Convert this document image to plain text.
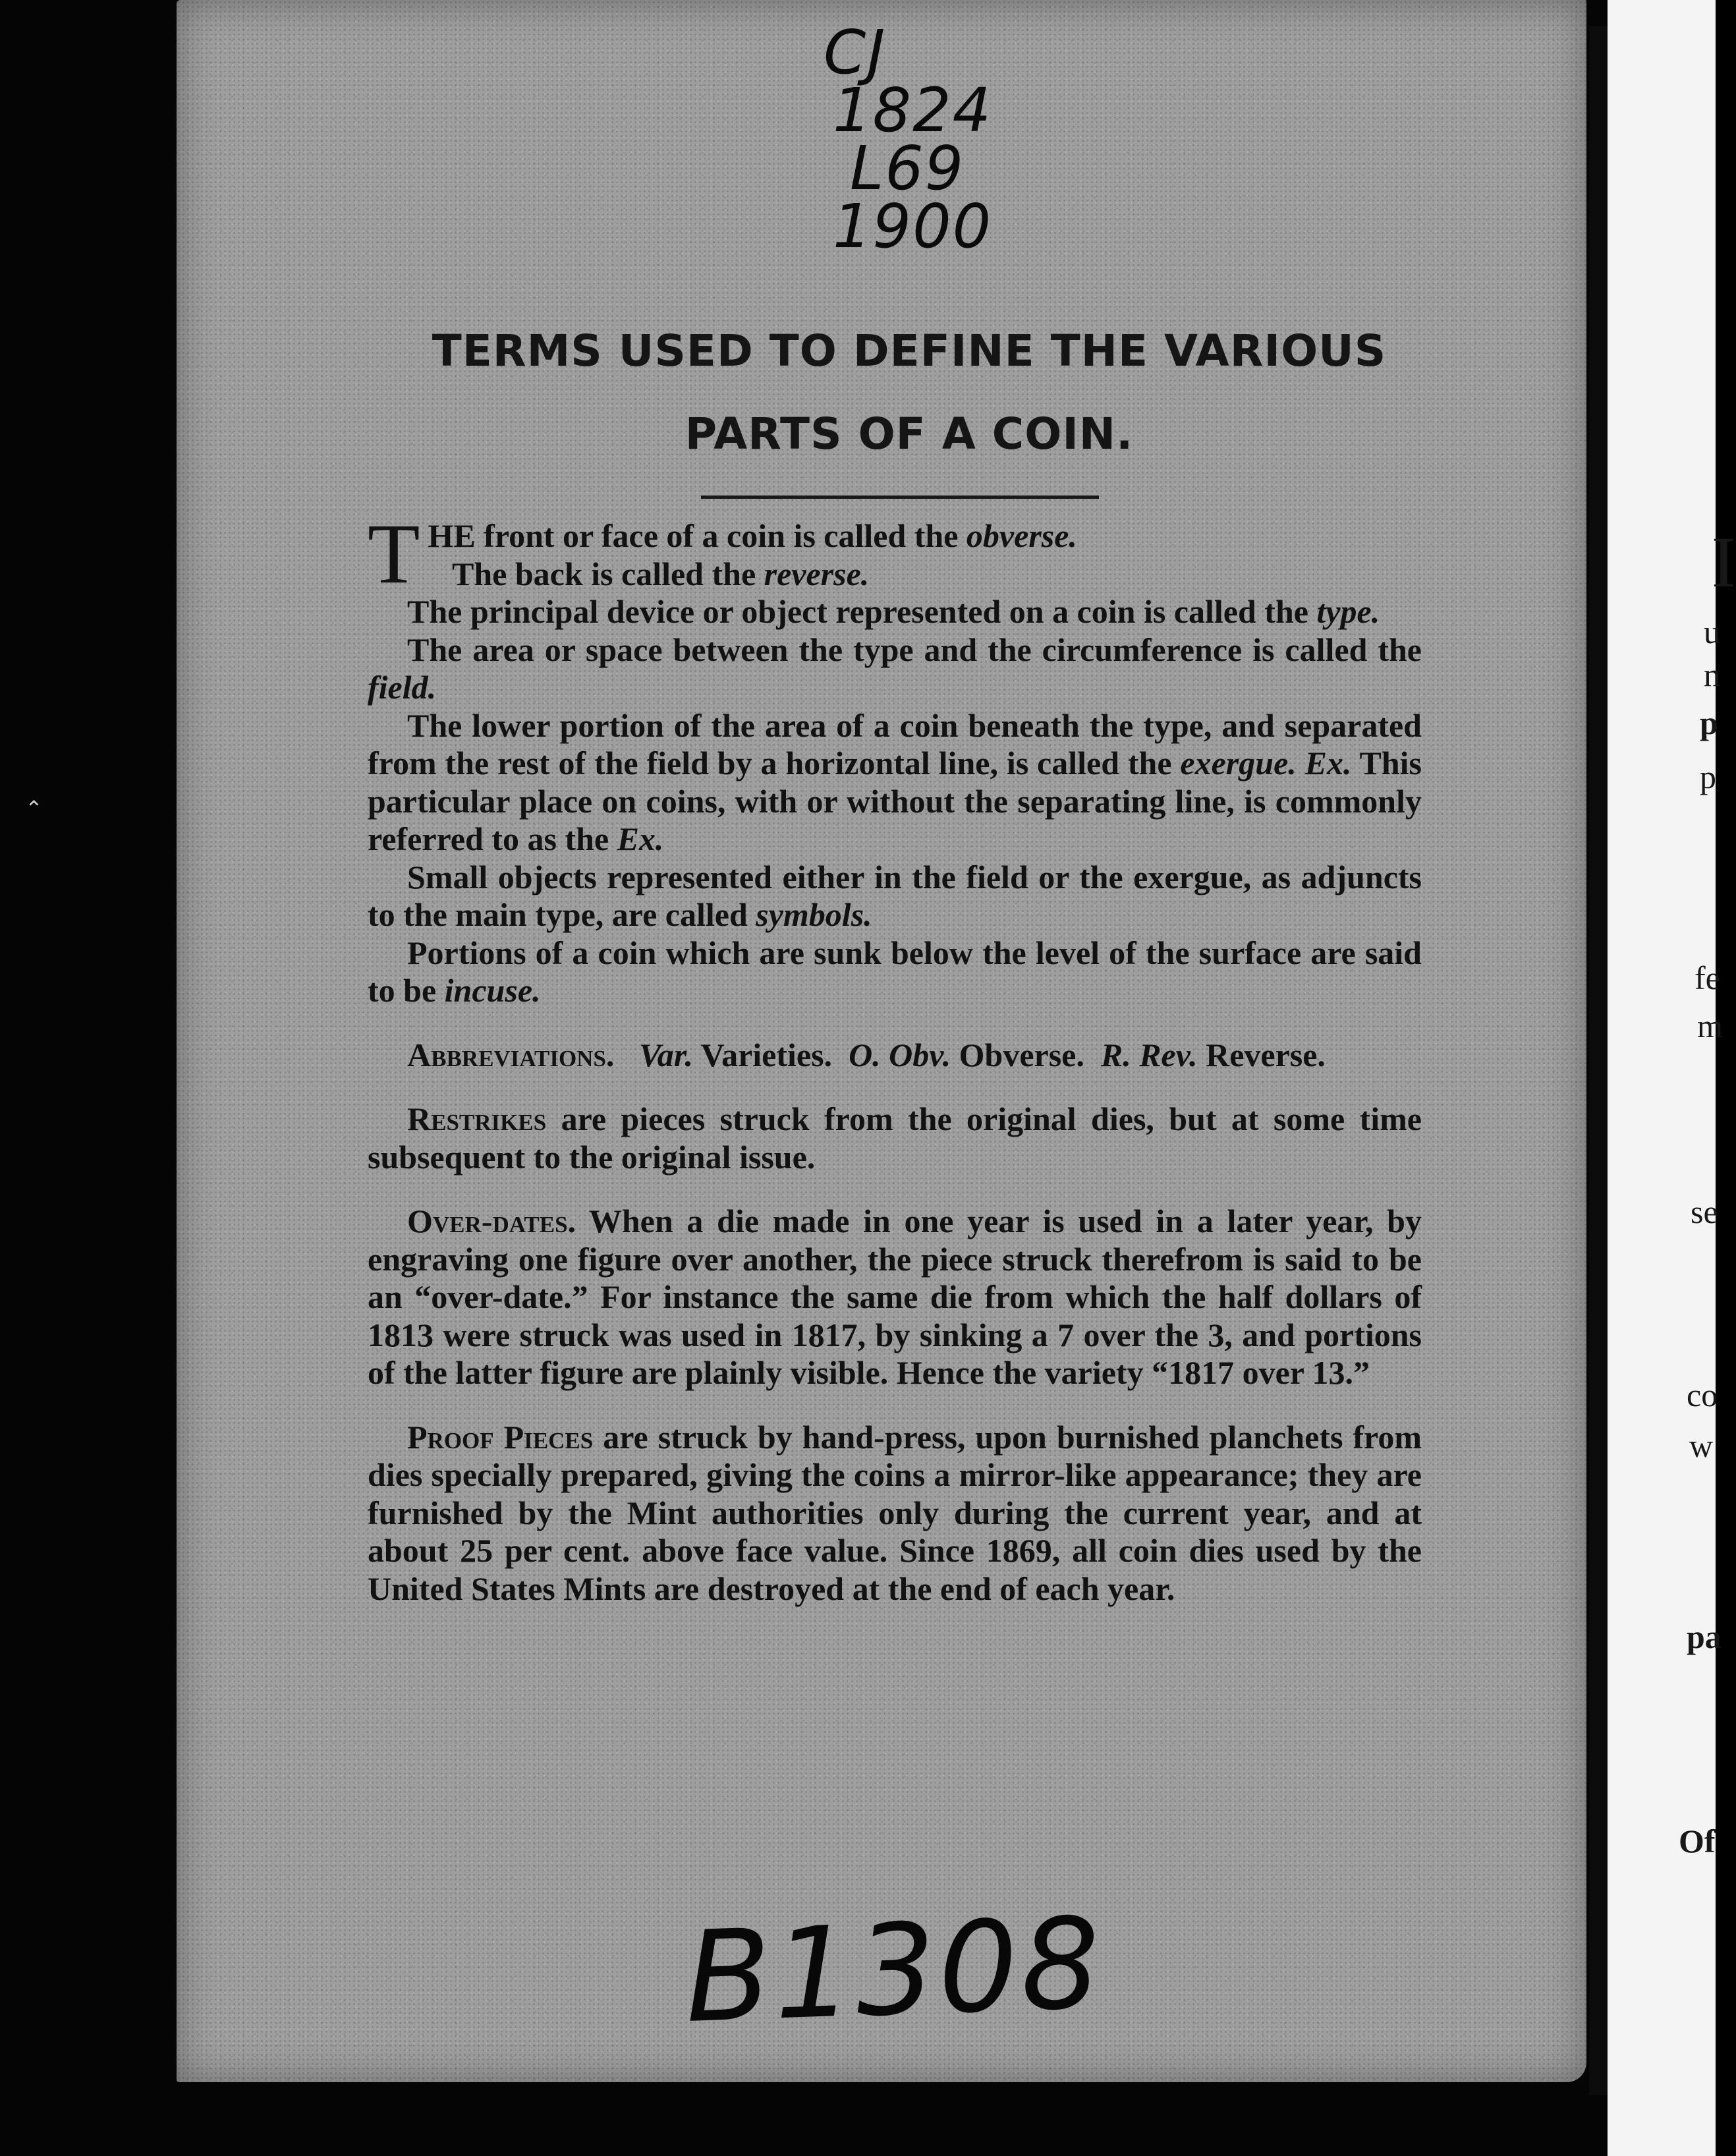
⌃
CJ
1824
L69
1900
TERMS USED TO DEFINE THE VARIOUS
PARTS OF A COIN.

THE front or face of a coin is called the obverse.

The back is called the reverse.

The principal device or object represented on a coin is called the type.

The area or space between the type and the circumference is called the field.

The lower portion of the area of a coin beneath the type, and separated from the rest of the field by a horizontal line, is called the exergue. Ex. This particular place on coins, with or without the separating line, is commonly referred to as the Ex.

Small objects represented either in the field or the exergue, as adjuncts to the main type, are called symbols.

Portions of a coin which are sunk below the level of the surface are said to be incuse.

Abbreviations. Var. Varieties. O. Obv. Obverse. R. Rev. Reverse.

Restrikes are pieces struck from the original dies, but at some time subsequent to the original issue.

Over-dates. When a die made in one year is used in a later year, by engraving one figure over another, the piece struck therefrom is said to be an “over-date.” For instance the same die from which the half dollars of 1813 were struck was used in 1817, by sinking a 7 over the 3, and portions of the latter figure are plainly visible. Hence the variety “1817 over 13.”

Proof Pieces are struck by hand-press, upon burnished planchets from dies specially prepared, giving the coins a mirror-like appearance; they are furnished by the Mint authorities only during the current year, and at about 25 per cent. above face value. Since 1869, all coin dies used by the United States Mints are destroyed at the end of each year.

B1308
I
u
n
p
p
fe
m
se
co
w
pa
Of
